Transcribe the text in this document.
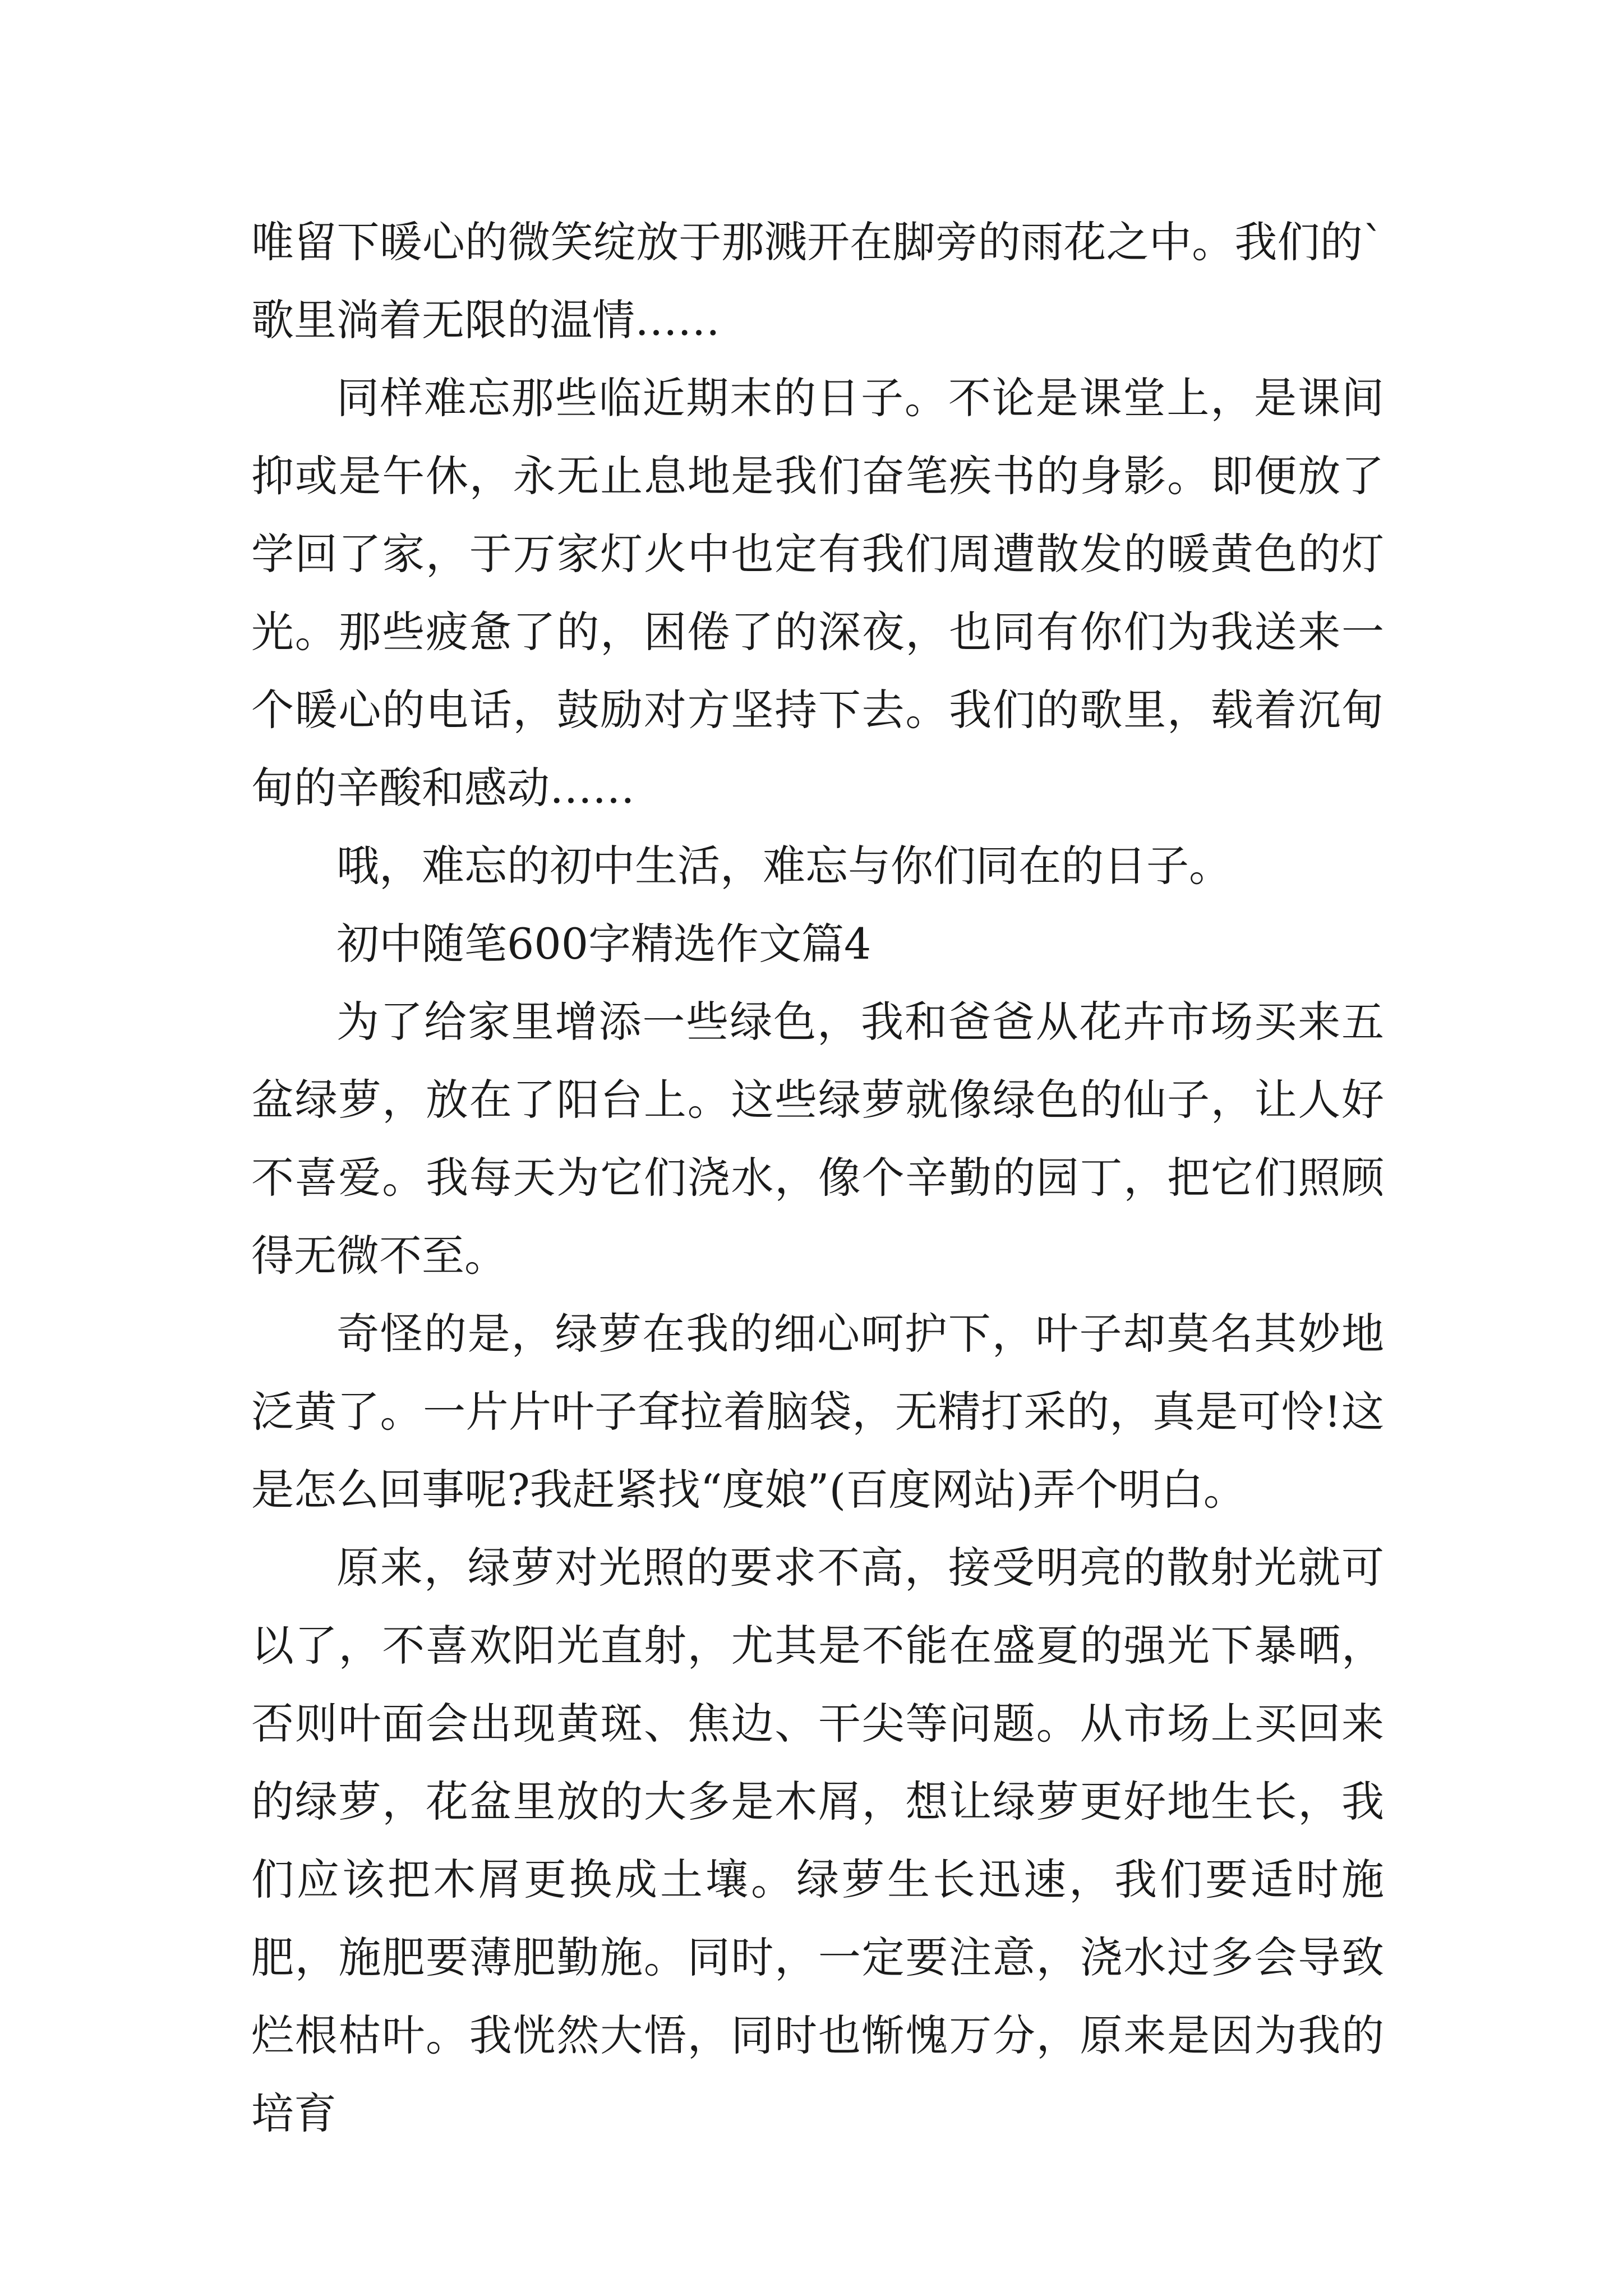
唯留下暖心的微笑绽放于那溅开在脚旁的雨花之中。我们的`歌里淌着无限的温情……

同样难忘那些临近期末的日子。不论是课堂上，是课间抑或是午休，永无止息地是我们奋笔疾书的身影。即便放了学回了家，于万家灯火中也定有我们周遭散发的暖黄色的灯光。那些疲惫了的，困倦了的深夜，也同有你们为我送来一个暖心的电话，鼓励对方坚持下去。我们的歌里，载着沉甸甸的辛酸和感动……

哦，难忘的初中生活，难忘与你们同在的日子。

初中随笔600字精选作文篇4

为了给家里增添一些绿色，我和爸爸从花卉市场买来五盆绿萝，放在了阳台上。这些绿萝就像绿色的仙子，让人好不喜爱。我每天为它们浇水，像个辛勤的园丁，把它们照顾得无微不至。

奇怪的是，绿萝在我的细心呵护下，叶子却莫名其妙地泛黄了。一片片叶子耷拉着脑袋，无精打采的，真是可怜!这是怎么回事呢?我赶紧找“度娘”(百度网站)弄个明白。

原来，绿萝对光照的要求不高，接受明亮的散射光就可以了，不喜欢阳光直射，尤其是不能在盛夏的强光下暴晒，否则叶面会出现黄斑、焦边、干尖等问题。从市场上买回来的绿萝，花盆里放的大多是木屑，想让绿萝更好地生长，我们应该把木屑更换成土壤。绿萝生长迅速，我们要适时施肥，施肥要薄肥勤施。同时，一定要注意，浇水过多会导致烂根枯叶。我恍然大悟，同时也惭愧万分，原来是因为我的培育
